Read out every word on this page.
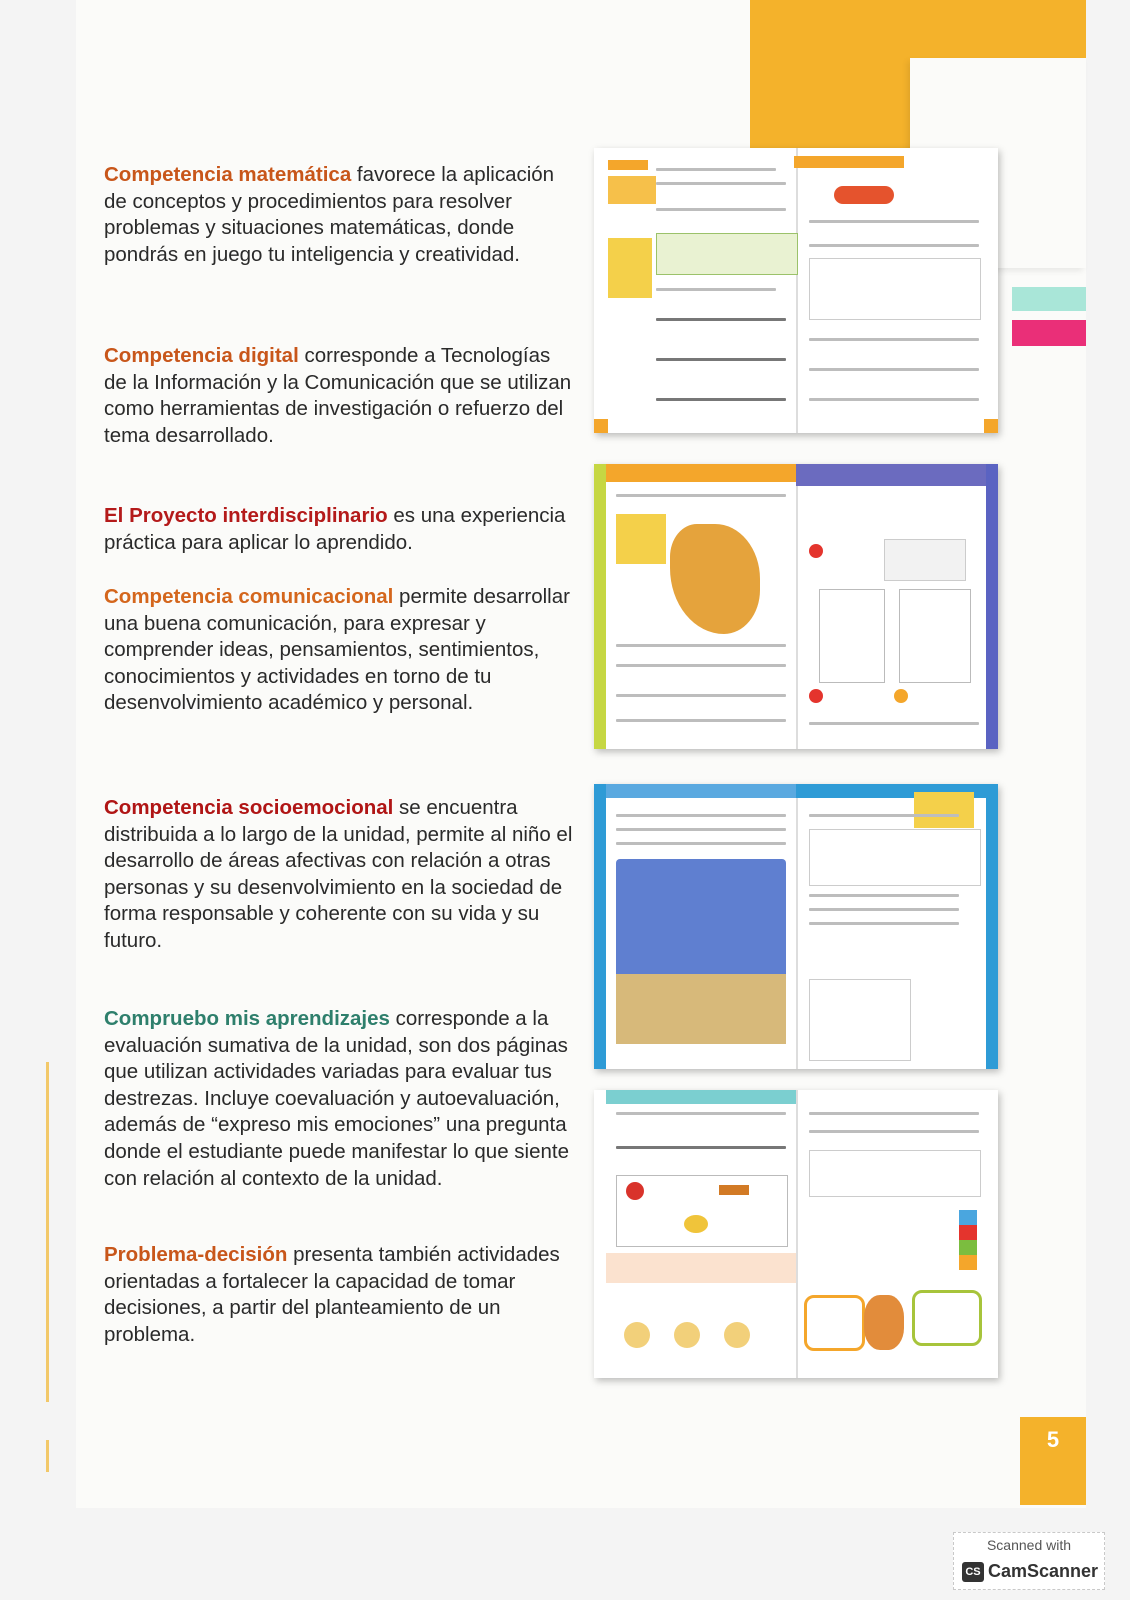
Competencia matemática favorece la aplicación de conceptos y procedimientos para resolver problemas y situaciones matemáticas, donde pondrás en juego tu inteligencia y creatividad.
Competencia digital corresponde a Tecnologías de la Información y la Comunicación que se utilizan como herramientas de investigación o refuerzo del tema desarrollado.
El Proyecto interdisciplinario es una experiencia práctica para aplicar lo aprendido.
Competencia comunicacional permite desarrollar una buena comunicación, para expresar y comprender ideas, pensamientos, sentimientos, conocimientos y actividades en torno de tu desenvolvimiento académico y personal.
Competencia socioemocional se encuentra distribuida a lo largo de la unidad, permite al niño el desarrollo de áreas afectivas con relación a otras personas y su desenvolvimiento en la sociedad de forma responsable y coherente con su vida y su futuro.
Compruebo mis aprendizajes corresponde a la evaluación sumativa de la unidad, son dos páginas que utilizan actividades variadas para evaluar tus destrezas. Incluye coevaluación y autoevaluación, además de “expreso mis emociones” una pregunta donde el estudiante puede manifestar lo que siente con relación al contexto de la unidad.
Problema-decisión presenta también actividades orientadas a fortalecer la capacidad de tomar decisiones, a partir del planteamiento de un problema.
5
Scanned with
CS CamScanner
